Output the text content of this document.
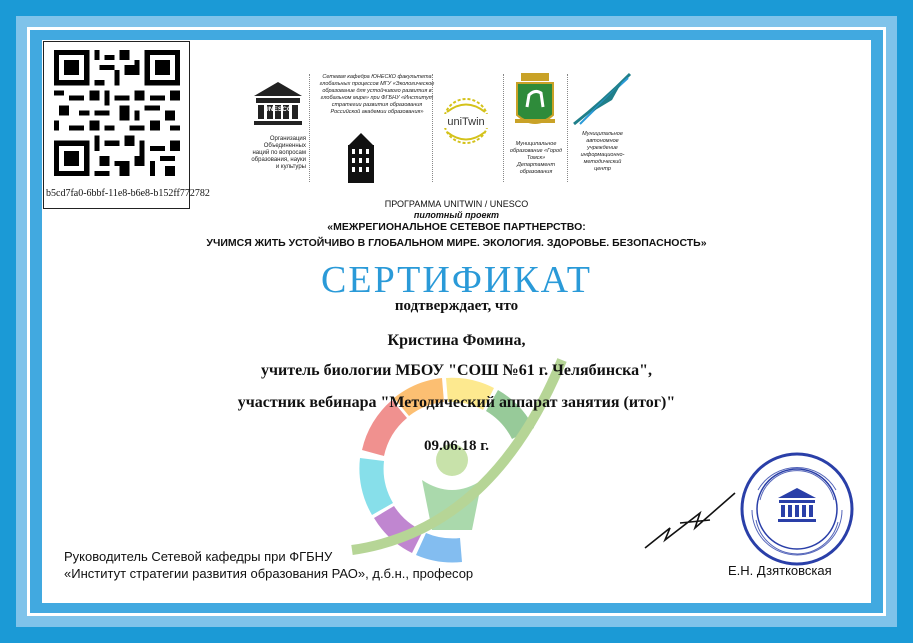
b5cd7fa0-6bbf-11e8-b6e8-b152ff772782
UNESCO
Организация Объединенных наций по вопросам образования, науки и культуры
Сетевая кафедра ЮНЕСКО факультета глобальных процессов МГУ «Экологическое образование для устойчивого развития в глобальном мире» при ФГБНУ «Институт стратегии развития образования Российской академии образования»
uniTwin
Муниципальное образование «Город Томск» Департамент образования
Муниципальное автономное учреждение информационно-методический центр
ПРОГРАММА UNITWIN / UNESCO
пилотный проект
«МЕЖРЕГИОНАЛЬНОЕ СЕТЕВОЕ ПАРТНЕРСТВО:
УЧИМСЯ ЖИТЬ УСТОЙЧИВО В ГЛОБАЛЬНОМ МИРЕ. ЭКОЛОГИЯ. ЗДОРОВЬЕ. БЕЗОПАСНОСТЬ»
СЕРТИФИКАТ
подтверждает, что
Кристина Фомина,
учитель биологии МБОУ "СОШ №61 г. Челябинска",
участник вебинара "Методический аппарат занятия (итог)"
09.06.18 г.
Руководитель Сетевой кафедры при ФГБНУ
«Институт стратегии развития образования РАО», д.б.н., професор	Е.Н. Дзятковская
